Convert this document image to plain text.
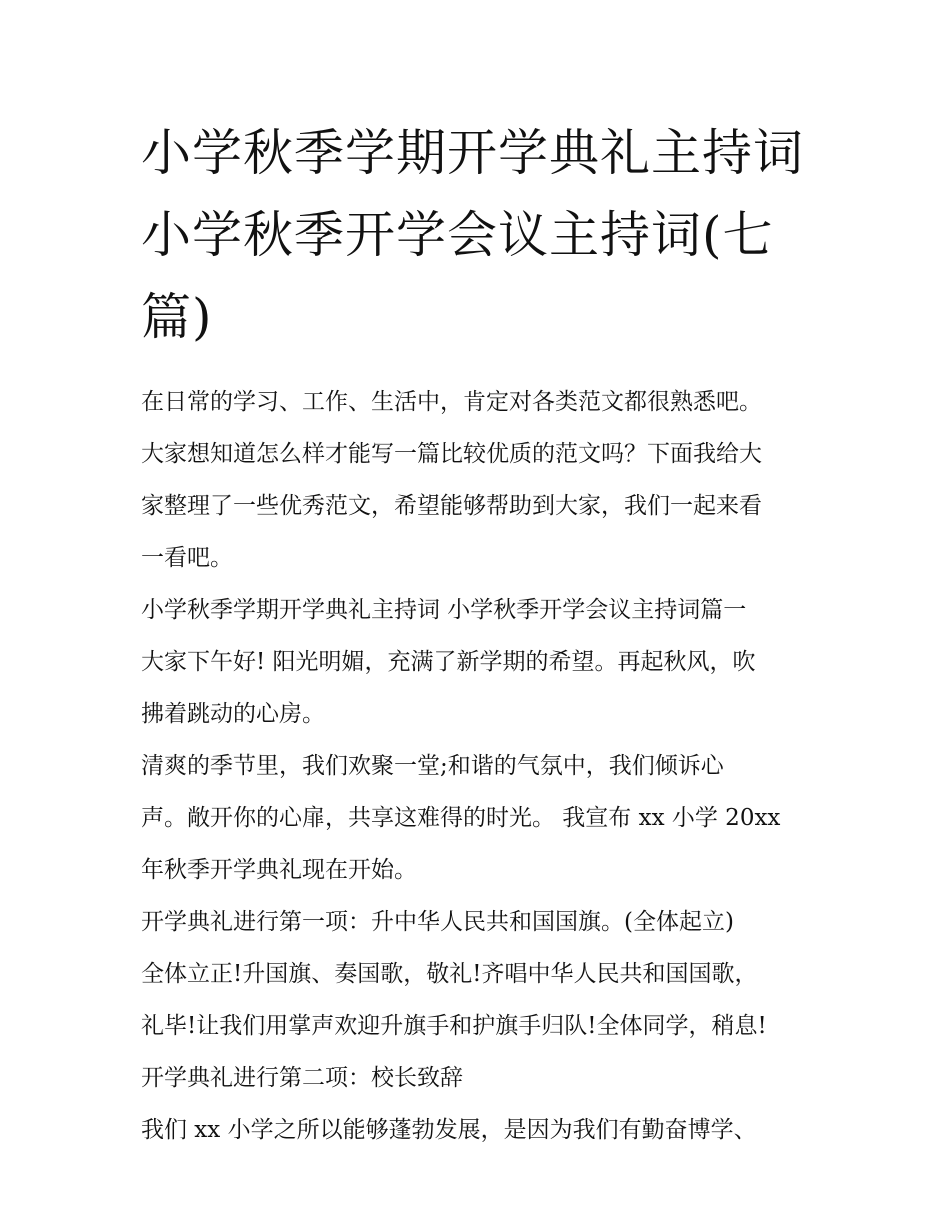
小学秋季学期开学典礼主持词
小学秋季开学会议主持词(七
篇)
在日常的学习、工作、生活中，肯定对各类范文都很熟悉吧。
大家想知道怎么样才能写一篇比较优质的范文吗？下面我给大
家整理了一些优秀范文，希望能够帮助到大家，我们一起来看
一看吧。
小学秋季学期开学典礼主持词 小学秋季开学会议主持词篇一
大家下午好! 阳光明媚，充满了新学期的希望。再起秋风，吹
拂着跳动的心房。
清爽的季节里，我们欢聚一堂;和谐的气氛中，我们倾诉心
声。敞开你的心扉，共享这难得的时光。 我宣布 xx 小学 20xx
年秋季开学典礼现在开始。
开学典礼进行第一项：升中华人民共和国国旗。(全体起立)
全体立正!升国旗、奏国歌，敬礼!齐唱中华人民共和国国歌，
礼毕!让我们用掌声欢迎升旗手和护旗手归队!全体同学，稍息!
开学典礼进行第二项：校长致辞
我们 xx 小学之所以能够蓬勃发展，是因为我们有勤奋博学、
